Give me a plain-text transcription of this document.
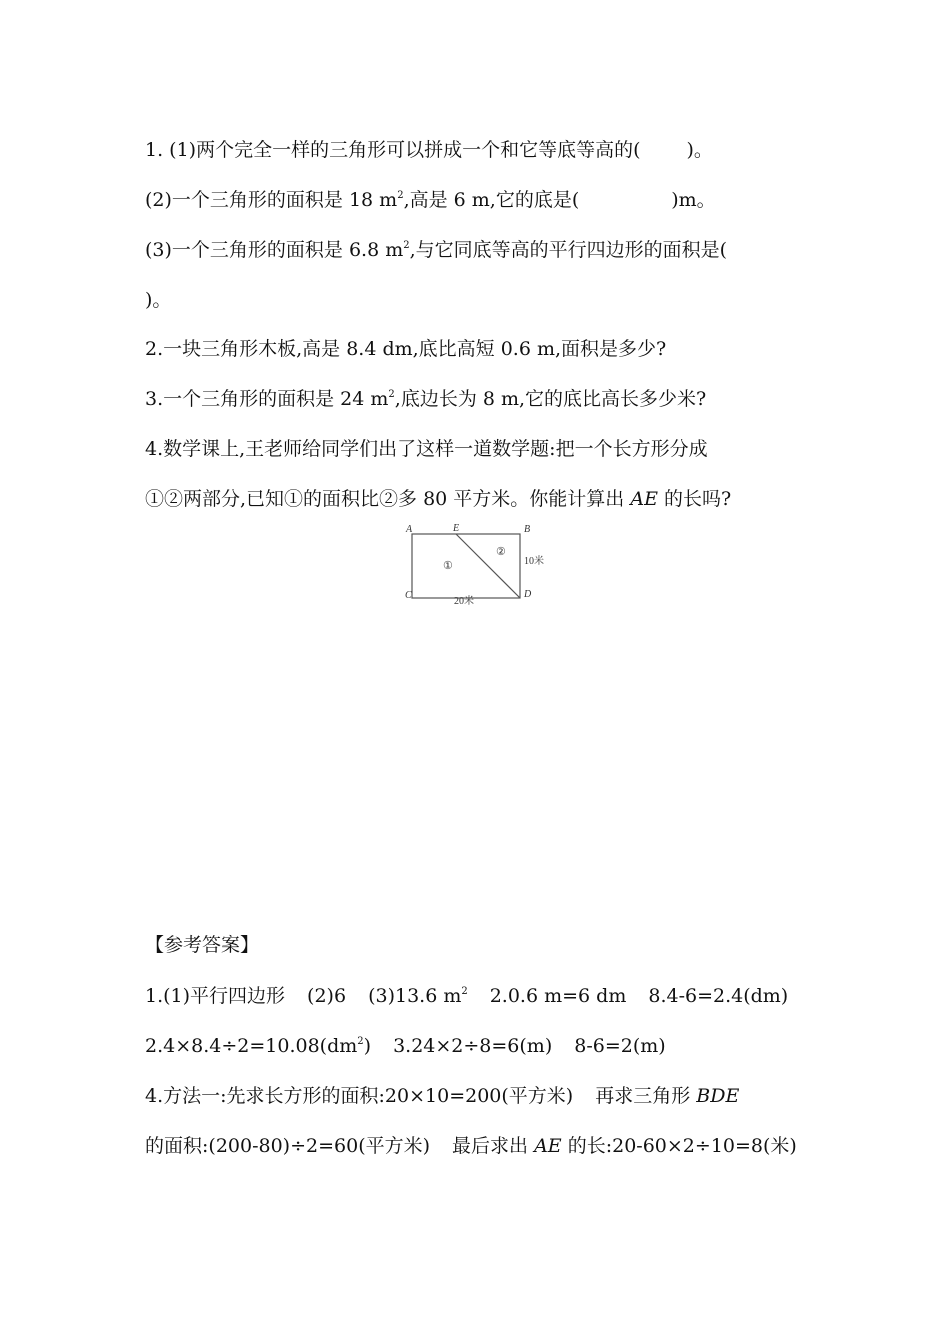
1. (1)两个完全一样的三角形可以拼成一个和它等底等高的( )。
(2)一个三角形的面积是 18 $m^2$,高是 6 m,它的底是(	)m。
(3)一个三角形的面积是 6.8 $m^2$,与它同底等高的平行四边形的面积是(
)。
2.一块三角形木板,高是 8.4 dm,底比高短 0.6 m,面积是多少?
3.一个三角形的面积是 24 $m^2$,底边长为 8 m,它的底比高长多少米?
4.数学课上,王老师给同学们出了这样一道数学题:把一个长方形分成
①②两部分,已知①的面积比②多 80 平方米。你能计算出 AE 的长吗?
A	E	B
C	D
①
②
10米
20米
【参考答案】
1.(1)平行四边形 (2)6 (3)13.6 $m^2$ 2.0.6 m=6 dm 8.4-6=2.4(dm)
$2.4\times 8.4\div 2=10.08(dm^2)$ 3.24×2÷8=6(m) 8-6=2(m)
4.方法一:先求长方形的面积:20×10=200(平方米) 再求三角形 BDE
的面积:(200-80)÷2=60(平方米) 最后求出 AE 的长:20-60×2÷10=8(米)
